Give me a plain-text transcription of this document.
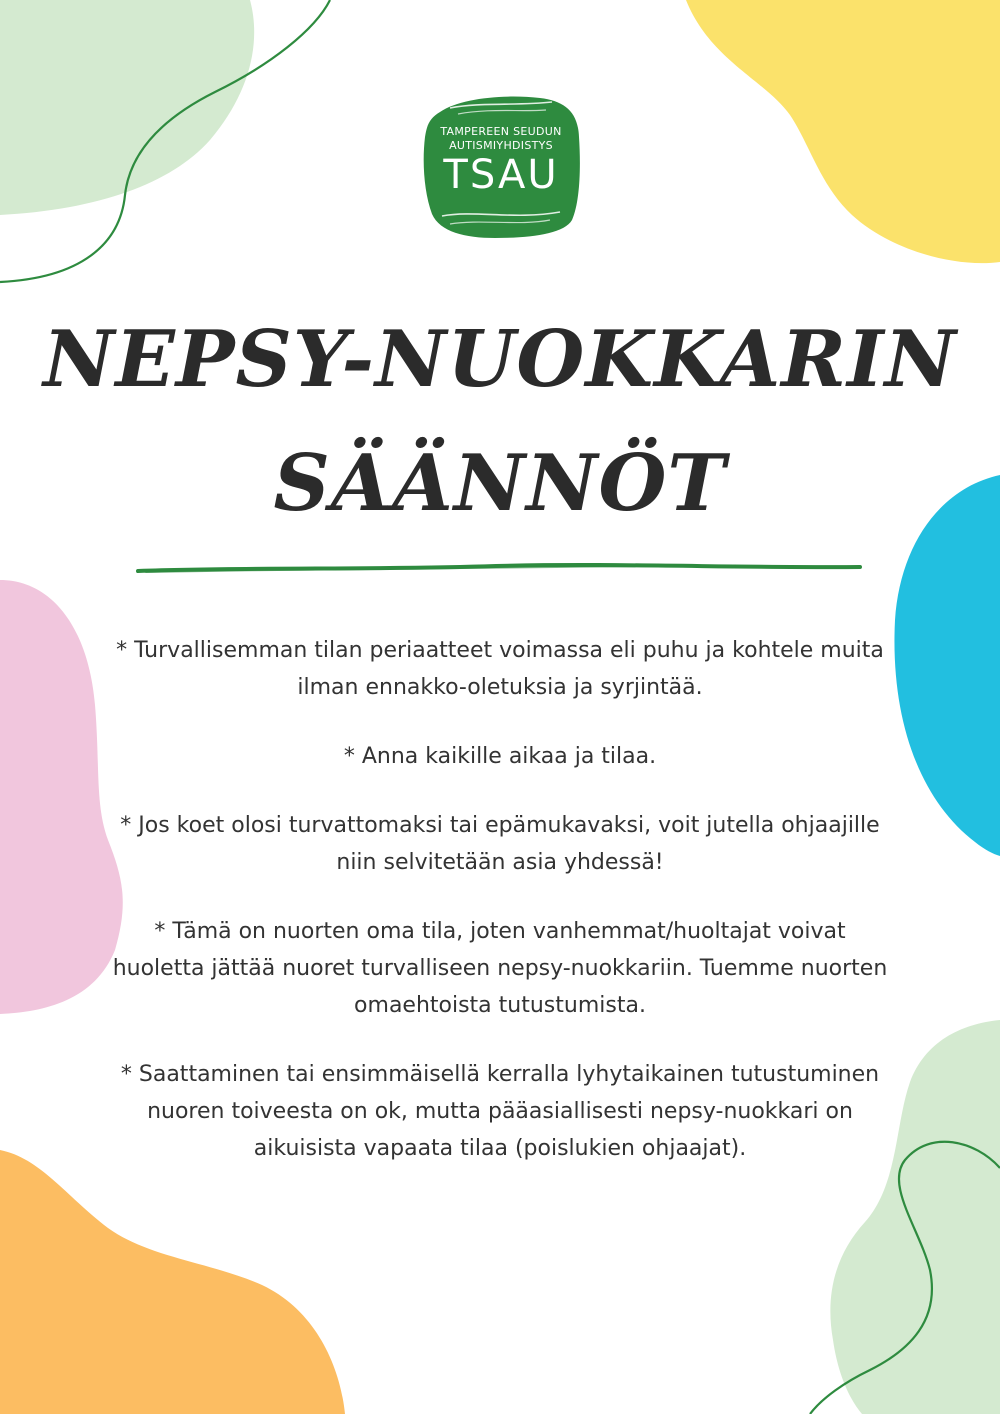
TAMPEREEN SEUDUN
AUTISMIYHDISTYS
TSAU
NEPSY-NUOKKARIN
SÄÄNNÖT
* Turvallisemman tilan periaatteet voimassa eli puhu ja kohtele muita ilman ennakko-oletuksia ja syrjintää.
* Anna kaikille aikaa ja tilaa.
* Jos koet olosi turvattomaksi tai epämukavaksi, voit jutella ohjaajille niin selvitetään asia yhdessä!
* Tämä on nuorten oma tila, joten vanhemmat/huoltajat voivat huoletta jättää nuoret turvalliseen nepsy-nuokkariin. Tuemme nuorten omaehtoista tutustumista.
* Saattaminen tai ensimmäisellä kerralla lyhytaikainen tutustuminen nuoren toiveesta on ok, mutta pääasiallisesti nepsy-nuokkari on aikuisista vapaata tilaa (poislukien ohjaajat).
